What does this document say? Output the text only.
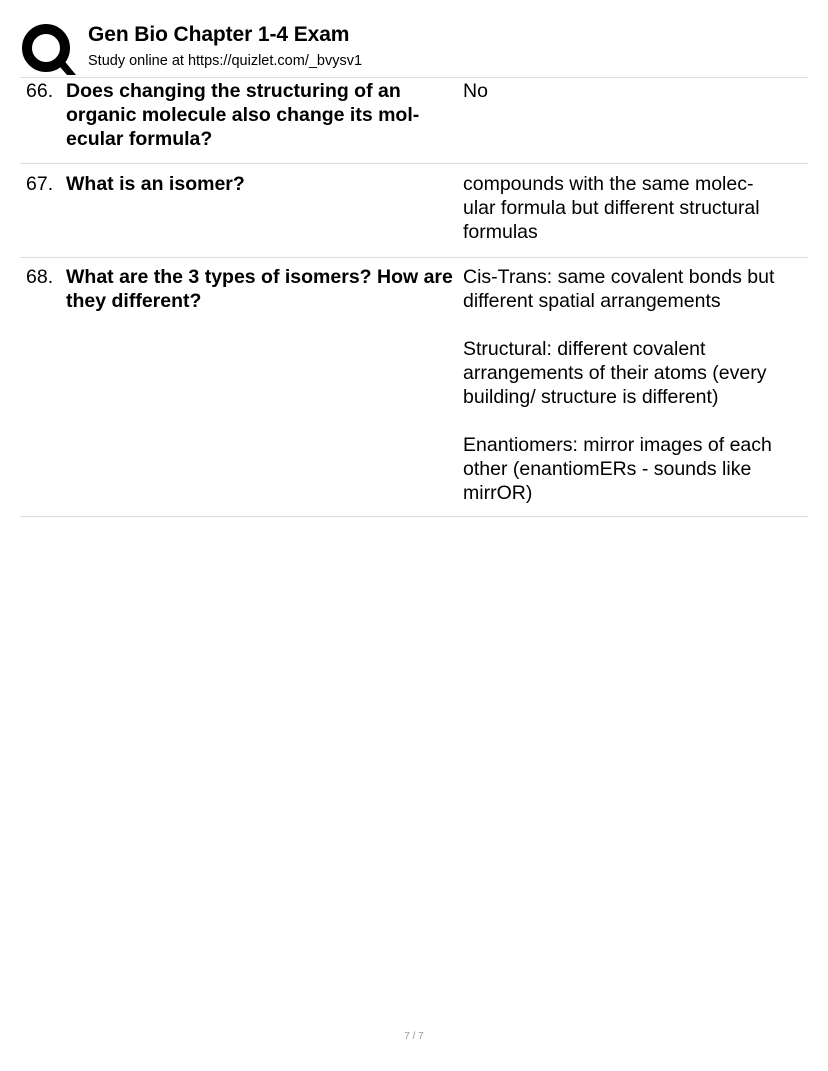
Gen Bio Chapter 1-4 Exam
Study online at https://quizlet.com/_bvysv1
66. Does changing the structuring of an organic molecule also change its mol-
ecular formula?

No

67. What is an isomer?	compounds with the same molec-
ular formula but different structural formulas

68. What are the 3 types of isomers? How are they different?

Cis-Trans: same covalent bonds but different spatial arrangements

Structural: different covalent arrangements of their atoms (every building/ structure is different)

Enantiomers: mirror images of each other (enantiomERs - sounds like mirrOR)

7 / 7
